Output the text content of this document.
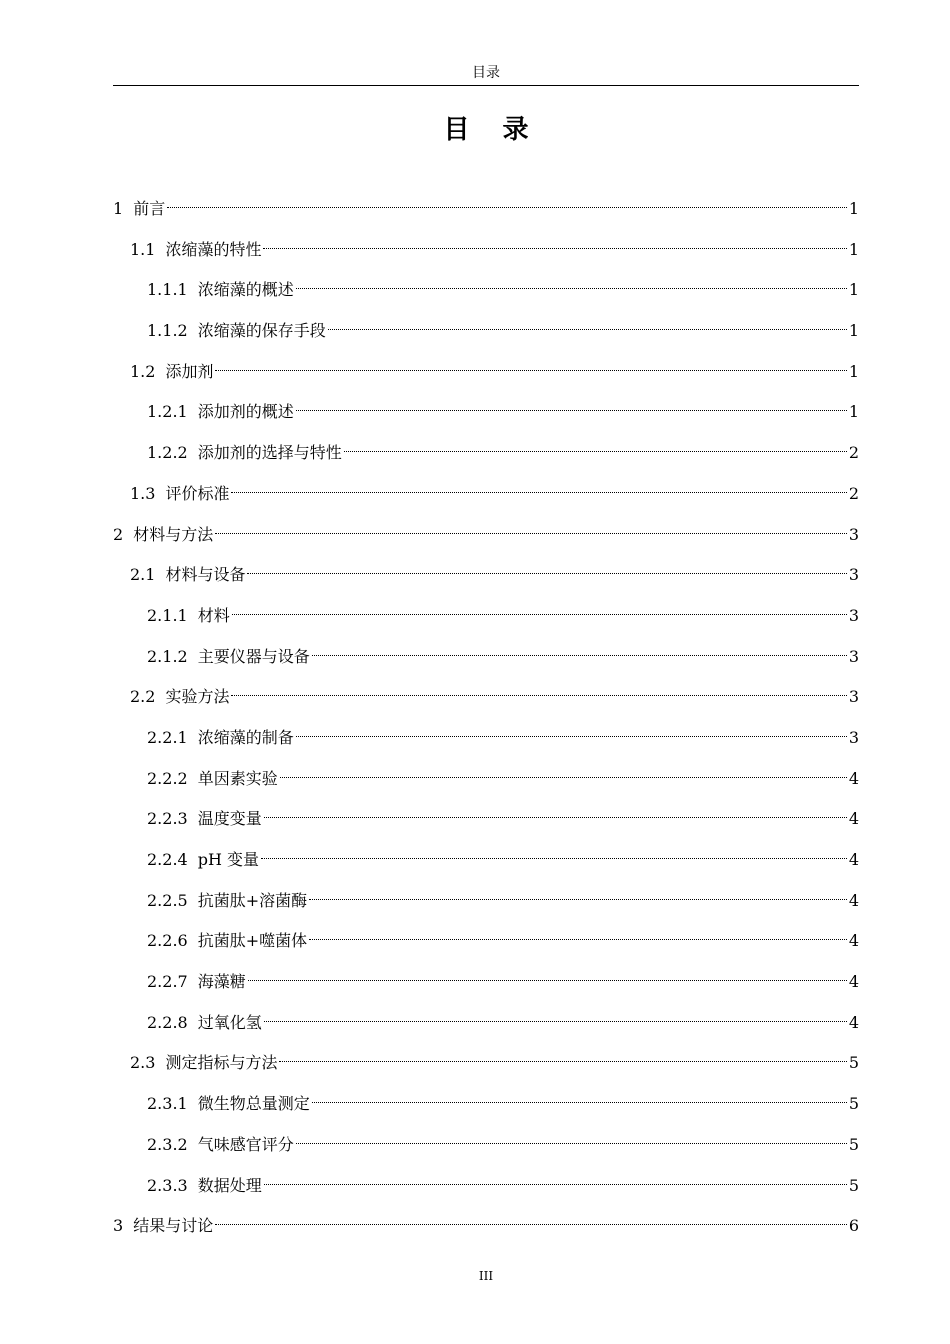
目录
目 录
1 前言	1
1.1 浓缩藻的特性	1
1.1.1 浓缩藻的概述	1
1.1.2 浓缩藻的保存手段	1
1.2 添加剂	1
1.2.1 添加剂的概述	1
1.2.2 添加剂的选择与特性	2
1.3 评价标准	2
2 材料与方法	3
2.1 材料与设备	3
2.1.1 材料	3
2.1.2 主要仪器与设备	3
2.2 实验方法	3
2.2.1 浓缩藻的制备	3
2.2.2 单因素实验	4
2.2.3 温度变量	4
2.2.4 pH 变量	4
2.2.5 抗菌肽+溶菌酶	4
2.2.6 抗菌肽+噬菌体	4
2.2.7 海藻糖	4
2.2.8 过氧化氢	4
2.3 测定指标与方法	5
2.3.1 微生物总量测定	5
2.3.2 气味感官评分	5
2.3.3 数据处理	5
3 结果与讨论	6
III
